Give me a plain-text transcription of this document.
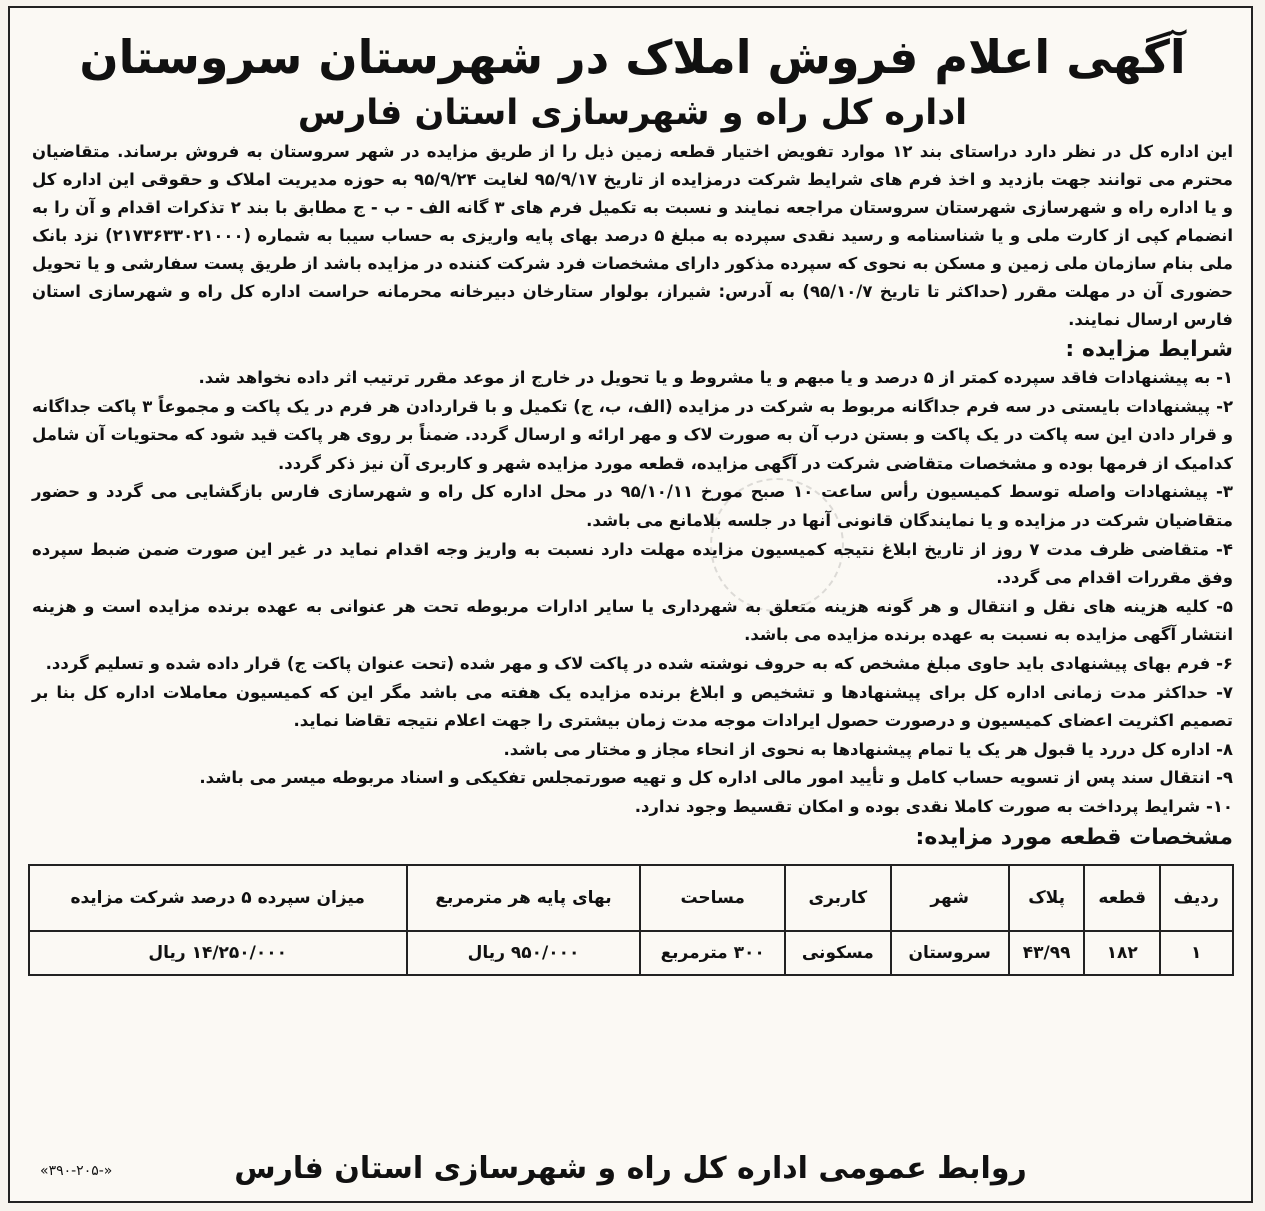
آگهی اعلام فروش املاک در شهرستان سروستان
اداره کل راه و شهرسازی استان فارس

این اداره کل در نظر دارد دراستای بند ۱۲ موارد تفویض اختیار قطعه زمین ذیل را از طریق مزایده در شهر سروستان به فروش برساند. متقاضیان محترم می توانند جهت بازدید و اخذ فرم های شرایط شرکت درمزایده از تاریخ ۹۵/۹/۱۷ لغایت ۹۵/۹/۲۴ به حوزه مدیریت املاک و حقوقی این اداره کل و یا اداره راه و شهرسازی شهرستان سروستان مراجعه نمایند و نسبت به تکمیل فرم های ۳ گانه الف - ب - ج مطابق با بند ۲ تذکرات اقدام و آن را به انضمام کپی از کارت ملی و یا شناسنامه و رسید نقدی سپرده به مبلغ ۵ درصد بهای پایه واریزی به حساب سیبا به شماره (۲۱۷۳۶۳۳۰۲۱۰۰۰) نزد بانک ملی بنام سازمان ملی زمین و مسکن به نحوی که سپرده مذکور دارای مشخصات فرد شرکت کننده در مزایده باشد از طریق پست سفارشی و یا تحویل حضوری آن در مهلت مقرر (حداکثر تا تاریخ ۹۵/۱۰/۷) به آدرس: شیراز، بولوار ستارخان دبیرخانه محرمانه حراست اداره کل راه و شهرسازی استان فارس ارسال نمایند.

شرایط مزایده :
۱- به پیشنهادات فاقد سپرده کمتر از ۵ درصد و یا مبهم و یا مشروط و یا تحویل در خارج از موعد مقرر ترتیب اثر داده نخواهد شد.
۲- پیشنهادات بایستی در سه فرم جداگانه مربوط به شرکت در مزایده (الف، ب، ج) تکمیل و با قراردادن هر فرم در یک پاکت و مجموعاً ۳ پاکت جداگانه و قرار دادن این سه پاکت در یک پاکت و بستن درب آن به صورت لاک و مهر ارائه و ارسال گردد. ضمناً بر روی هر پاکت قید شود که محتویات آن شامل کدامیک از فرمها بوده و مشخصات متقاضی شرکت در آگهی مزایده، قطعه مورد مزایده شهر و کاربری آن نیز ذکر گردد.
۳- پیشنهادات واصله توسط کمیسیون رأس ساعت ۱۰ صبح مورخ ۹۵/۱۰/۱۱ در محل اداره کل راه و شهرسازی فارس بازگشایی می گردد و حضور متقاضیان شرکت در مزایده و یا نمایندگان قانونی آنها در جلسه بلامانع می باشد.
۴- متقاضی ظرف مدت ۷ روز از تاریخ ابلاغ نتیجه کمیسیون مزایده مهلت دارد نسبت به واریز وجه اقدام نماید در غیر این صورت ضمن ضبط سپرده وفق مقررات اقدام می گردد.
۵- کلیه هزینه های نقل و انتقال و هر گونه هزینه متعلق به شهرداری یا سایر ادارات مربوطه تحت هر عنوانی به عهده برنده مزایده است و هزینه انتشار آگهی مزایده به نسبت به عهده برنده مزایده می باشد.
۶- فرم بهای پیشنهادی باید حاوی مبلغ مشخص که به حروف نوشته شده در پاکت لاک و مهر شده (تحت عنوان پاکت ج) قرار داده شده و تسلیم گردد.
۷- حداکثر مدت زمانی اداره کل برای پیشنهادها و تشخیص و ابلاغ برنده مزایده یک هفته می باشد مگر این که کمیسیون معاملات اداره کل بنا بر تصمیم اکثریت اعضای کمیسیون و درصورت حصول ایرادات موجه مدت زمان بیشتری را جهت اعلام نتیجه تقاضا نماید.
۸- اداره کل دررد یا قبول هر یک یا تمام پیشنهادها به نحوی از انحاء مجاز و مختار می باشد.
۹- انتقال سند پس از تسویه حساب کامل و تأیید امور مالی اداره کل و تهیه صورتمجلس تفکیکی و اسناد مربوطه میسر می باشد.
۱۰- شرایط پرداخت به صورت کاملا نقدی بوده و امکان تقسیط وجود ندارد.
مشخصات قطعه مورد مزایده:
ردیف	قطعه	پلاک	شهر	کاربری	مساحت	بهای پایه هر مترمربع	میزان سپرده ۵ درصد شرکت مزایده
۱	۱۸۲	۴۳/۹۹	سروستان	مسکونی	۳۰۰ مترمربع	۹۵۰/۰۰۰ ریال	۱۴/۲۵۰/۰۰۰ ریال
روابط عمومی اداره کل راه و شهرسازی استان فارس
«۳۹۰-۲۰۵-»
